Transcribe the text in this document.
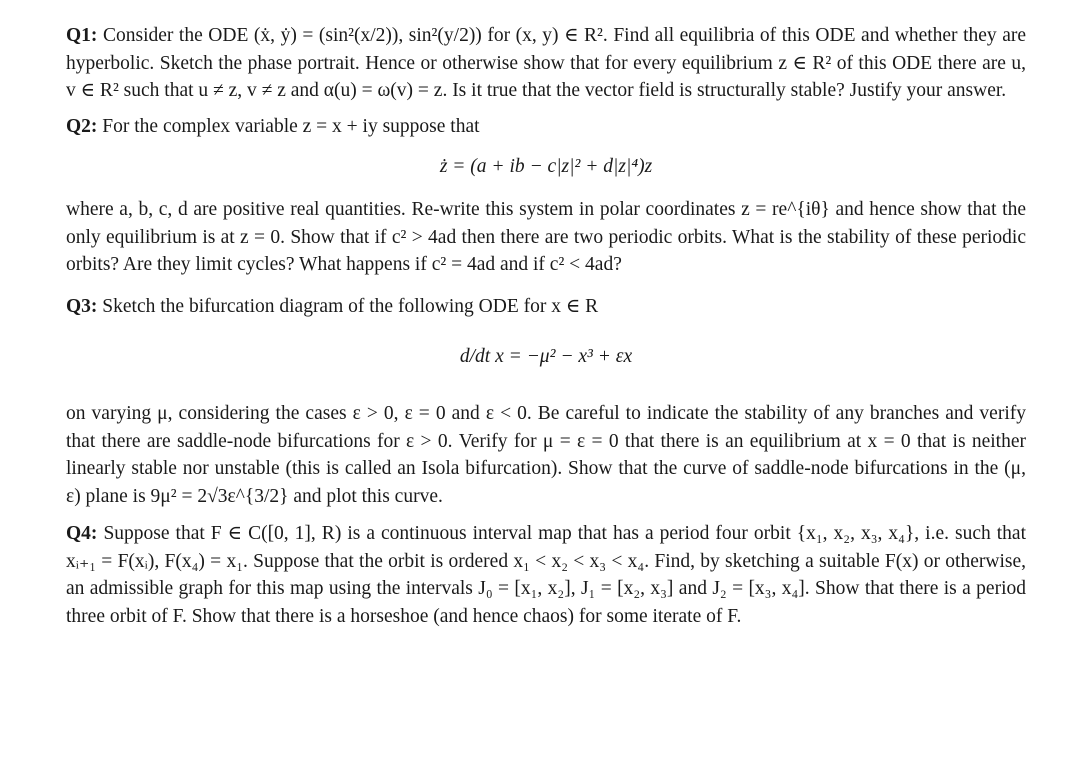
Q1: Consider the ODE (ẋ, ẏ) = (sin²(x/2)), sin²(y/2)) for (x, y) ∈ R². Find all equilibria of this ODE and whether they are hyperbolic. Sketch the phase portrait. Hence or otherwise show that for every equilibrium z ∈ R² of this ODE there are u, v ∈ R² such that u ≠ z, v ≠ z and α(u) = ω(v) = z. Is it true that the vector field is structurally stable? Justify your answer.

Q2: For the complex variable z = x + iy suppose that

ż = (a + ib − c|z|² + d|z|⁴)z

where a, b, c, d are positive real quantities. Re-write this system in polar coordinates z = re^{iθ} and hence show that the only equilibrium is at z = 0. Show that if c² > 4ad then there are two periodic orbits. What is the stability of these periodic orbits? Are they limit cycles? What happens if c² = 4ad and if c² < 4ad?

Q3: Sketch the bifurcation diagram of the following ODE for x ∈ R

d/dt x = −μ² − x³ + εx

on varying μ, considering the cases ε > 0, ε = 0 and ε < 0. Be careful to indicate the stability of any branches and verify that there are saddle-node bifurcations for ε > 0. Verify for μ = ε = 0 that there is an equilibrium at x = 0 that is neither linearly stable nor unstable (this is called an Isola bifurcation). Show that the curve of saddle-node bifurcations in the (μ, ε) plane is 9μ² = 2√3ε^{3/2} and plot this curve.

Q4: Suppose that F ∈ C([0, 1], R) is a continuous interval map that has a period four orbit {x₁, x₂, x₃, x₄}, i.e. such that xᵢ₊₁ = F(xᵢ), F(x₄) = x₁. Suppose that the orbit is ordered x₁ < x₂ < x₃ < x₄. Find, by sketching a suitable F(x) or otherwise, an admissible graph for this map using the intervals J₀ = [x₁, x₂], J₁ = [x₂, x₃] and J₂ = [x₃, x₄]. Show that there is a period three orbit of F. Show that there is a horseshoe (and hence chaos) for some iterate of F.
